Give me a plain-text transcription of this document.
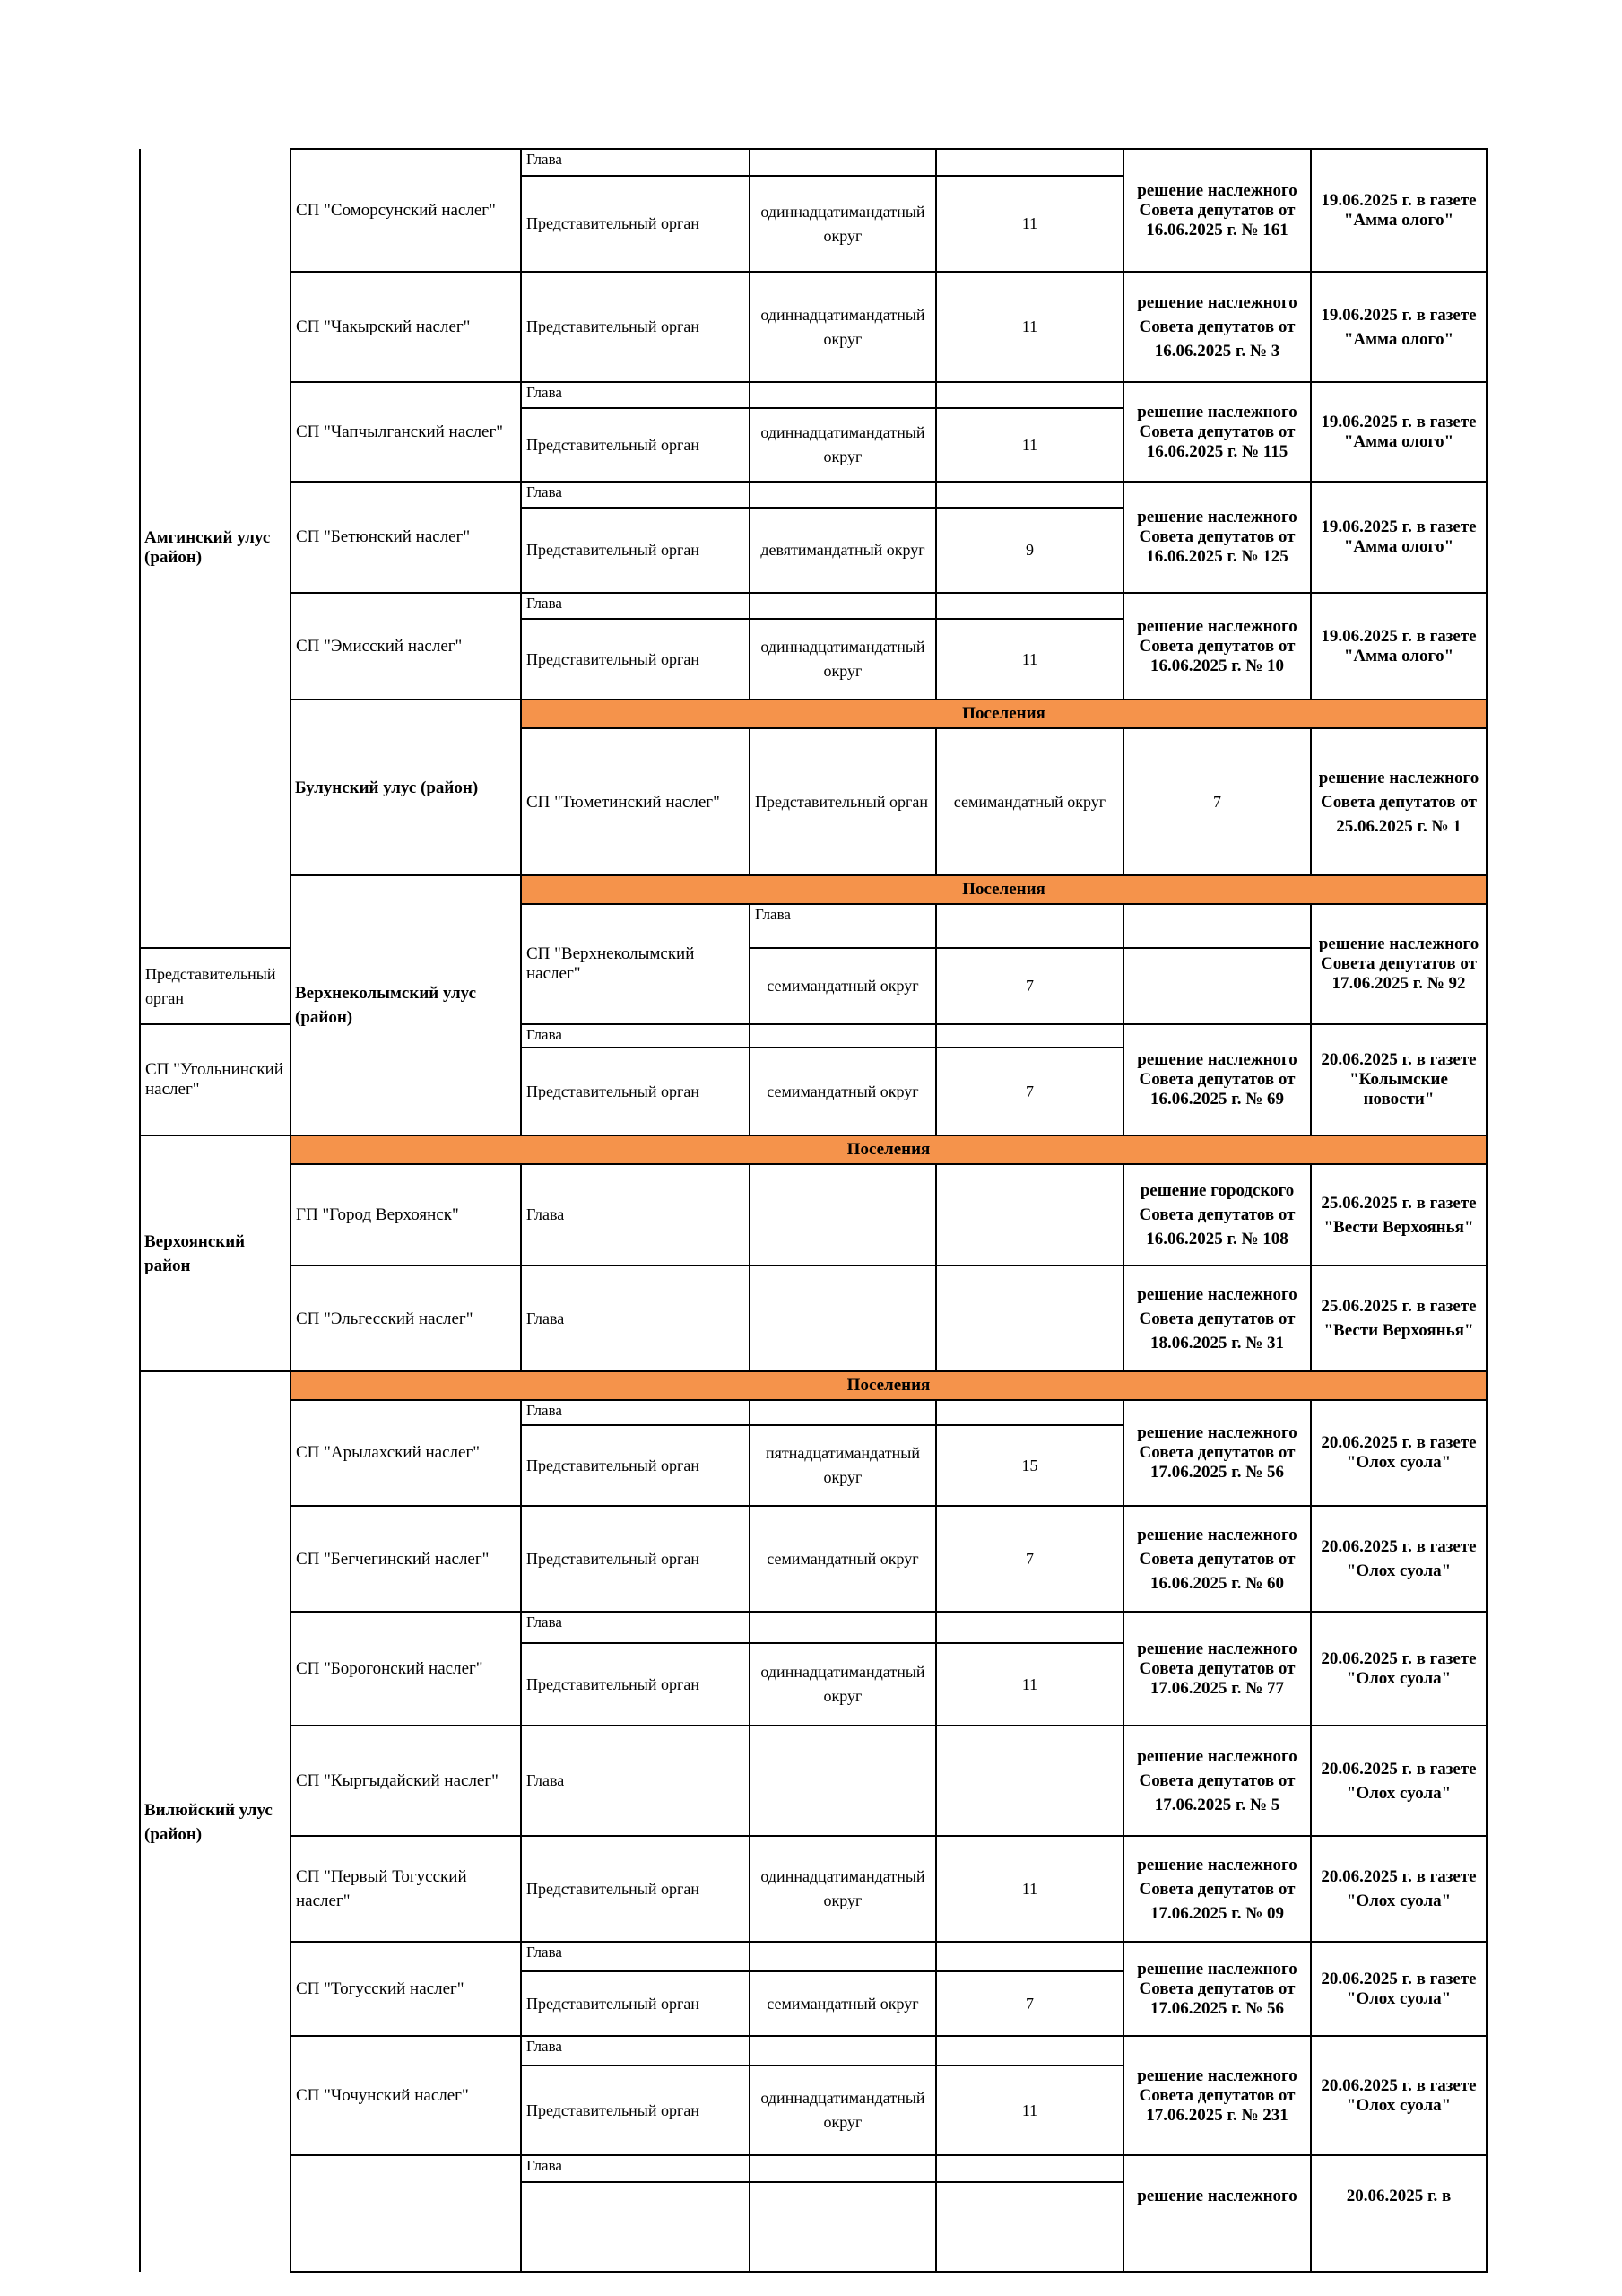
Амгинский улус (район)	СП "Соморсунский наслег"	Глава			решение наслежного Совета депутатов от 16.06.2025 г. № 161	19.06.2025 г. в газете "Амма ологo"	
		Представительный орган	одиннадцатимандатный округ	11			
	СП "Чакырский наслег"	Представительный орган	одиннадцатимандатный округ	11	решение наслежного Совета депутатов от 16.06.2025 г. № 3	19.06.2025 г. в газете "Амма ологo"	
	СП "Чапчылганский наслег"	Глава			решение наслежного Совета депутатов от 16.06.2025 г. № 115	19.06.2025 г. в газете "Амма ологo"	
		Представительный орган	одиннадцатимандатный округ	11			
	СП "Бетюнский наслег"	Глава			решение наслежного Совета депутатов от 16.06.2025 г. № 125	19.06.2025 г. в газете "Амма ологo"	
		Представительный орган	девятимандатный округ	9			
	СП "Эмисский наслег"	Глава			решение наслежного Совета депутатов от 16.06.2025 г. № 10	19.06.2025 г. в газете "Амма ологo"	
		Представительный орган	одиннадцатимандатный округ	11			
	Булунский улус (район)	Поселения					
		СП "Тюметинский наслег"	Представительный орган	семимандатный округ	7	решение наслежного Совета депутатов от 25.06.2025 г. № 1	
	Верхнеколымский улус (район)	Поселения					
		СП "Верхнеколымский наслег"	Глава			решение наслежного Совета депутатов от 17.06.2025 г. № 92	
Представительный орган			семимандатный округ	7			
СП "Угольнинский наслег"		Глава			решение наслежного Совета депутатов от 16.06.2025 г. № 69	20.06.2025 г. в газете "Колымские новости"	
		Представительный орган	семимандатный округ	7			
Верхоянский район	Поселения						
	ГП "Город Верхоянск"	Глава			решение городского Совета депутатов от 16.06.2025 г. № 108	25.06.2025 г. в газете "Вести Верхоянья"	
	СП "Эльгесский наслег"	Глава			решение наслежного Совета депутатов от 18.06.2025 г. № 31	25.06.2025 г. в газете "Вести Верхоянья"	
Вилюйский улус (район)	Поселения						
	СП "Арылахский наслег"	Глава			решение наслежного Совета депутатов от 17.06.2025 г. № 56	20.06.2025 г. в газете "Олох суола"	
		Представительный орган	пятнадцатимандатный округ	15			
	СП "Бегчегинский наслег"	Представительный орган	семимандатный округ	7	решение наслежного Совета депутатов от 16.06.2025 г. № 60	20.06.2025 г. в газете "Олох суола"	
	СП "Борогонский наслег"	Глава			решение наслежного Совета депутатов от 17.06.2025 г. № 77	20.06.2025 г. в газете "Олох суола"	
		Представительный орган	одиннадцатимандатный округ	11			
	СП "Кыргыдайский наслег"	Глава			решение наслежного Совета депутатов от 17.06.2025 г. № 5	20.06.2025 г. в газете "Олох суола"	
	СП "Первый Тогусский наслег"	Представительный орган	одиннадцатимандатный округ	11	решение наслежного Совета депутатов от 17.06.2025 г. № 09	20.06.2025 г. в газете "Олох суола"	
	СП "Тогусский наслег"	Глава			решение наслежного Совета депутатов от 17.06.2025 г. № 56	20.06.2025 г. в газете "Олох суола"	
		Представительный орган	семимандатный округ	7			
	СП "Чочунский наслег"	Глава			решение наслежного Совета депутатов от 17.06.2025 г. № 231	20.06.2025 г. в газете "Олох суола"	
		Представительный орган	одиннадцатимандатный округ	11			
		Глава			решение наслежного	20.06.2025 г. в	
